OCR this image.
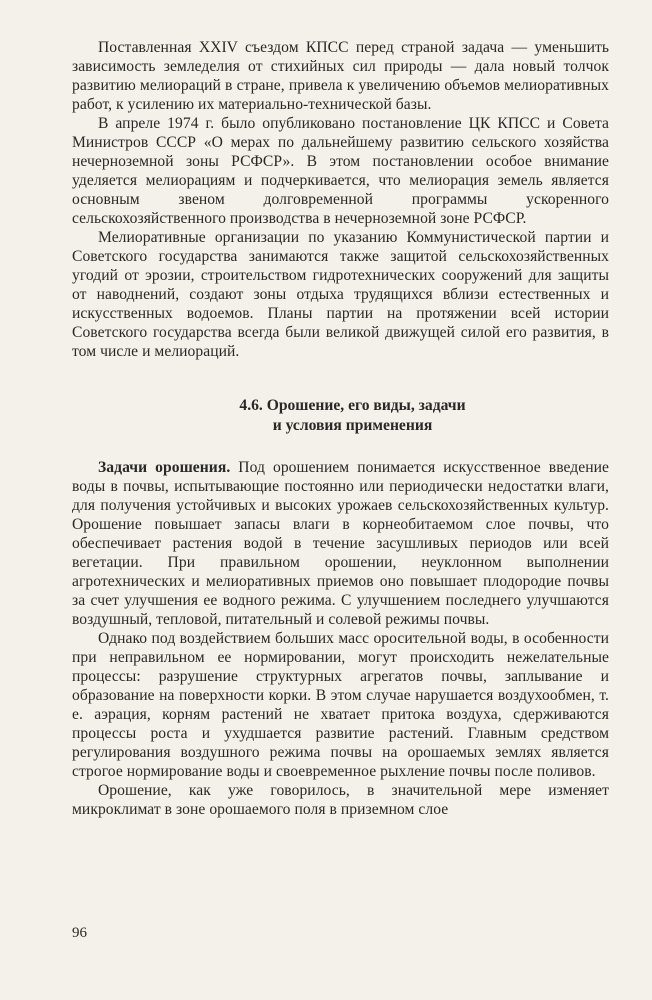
Поставленная XXIV съездом КПСС перед страной задача — уменьшить зависимость земледелия от стихийных сил природы — дала новый толчок развитию мелиораций в стране, привела к увеличению объемов мелиоративных работ, к усилению их материально-технической базы.

В апреле 1974 г. было опубликовано постановление ЦК КПСС и Совета Министров СССР «О мерах по дальнейшему развитию сельского хозяйства нечерноземной зоны РСФСР». В этом постановлении особое внимание уделяется мелиорациям и подчеркивается, что мелиорация земель является основным звеном долговременной программы ускоренного сельскохозяйственного производства в нечерноземной зоне РСФСР.

Мелиоративные организации по указанию Коммунистической партии и Советского государства занимаются также защитой сельскохозяйственных угодий от эрозии, строительством гидротехнических сооружений для защиты от наводнений, создают зоны отдыха трудящихся вблизи естественных и искусственных водоемов. Планы партии на протяжении всей истории Советского государства всегда были великой движущей силой его развития, в том числе и мелиораций.

4.6. Орошение, его виды, задачи
и условия применения

Задачи орошения. Под орошением понимается искусственное введение воды в почвы, испытывающие постоянно или периодически недостатки влаги, для получения устойчивых и высоких урожаев сельскохозяйственных культур. Орошение повышает запасы влаги в корнеобитаемом слое почвы, что обеспечивает растения водой в течение засушливых периодов или всей вегетации. При правильном орошении, неуклонном выполнении агротехнических и мелиоративных приемов оно повышает плодородие почвы за счет улучшения ее водного режима. С улучшением последнего улучшаются воздушный, тепловой, питательный и солевой режимы почвы.

Однако под воздействием больших масс оросительной воды, в особенности при неправильном ее нормировании, могут происходить нежелательные процессы: разрушение структурных агрегатов почвы, заплывание и образование на поверхности корки. В этом случае нарушается воздухообмен, т. е. аэрация, корням растений не хватает притока воздуха, сдерживаются процессы роста и ухудшается развитие растений. Главным средством регулирования воздушного режима почвы на орошаемых землях является строгое нормирование воды и своевременное рыхление почвы после поливов.

Орошение, как уже говорилось, в значительной мере изменяет микроклимат в зоне орошаемого поля в приземном слое

96
